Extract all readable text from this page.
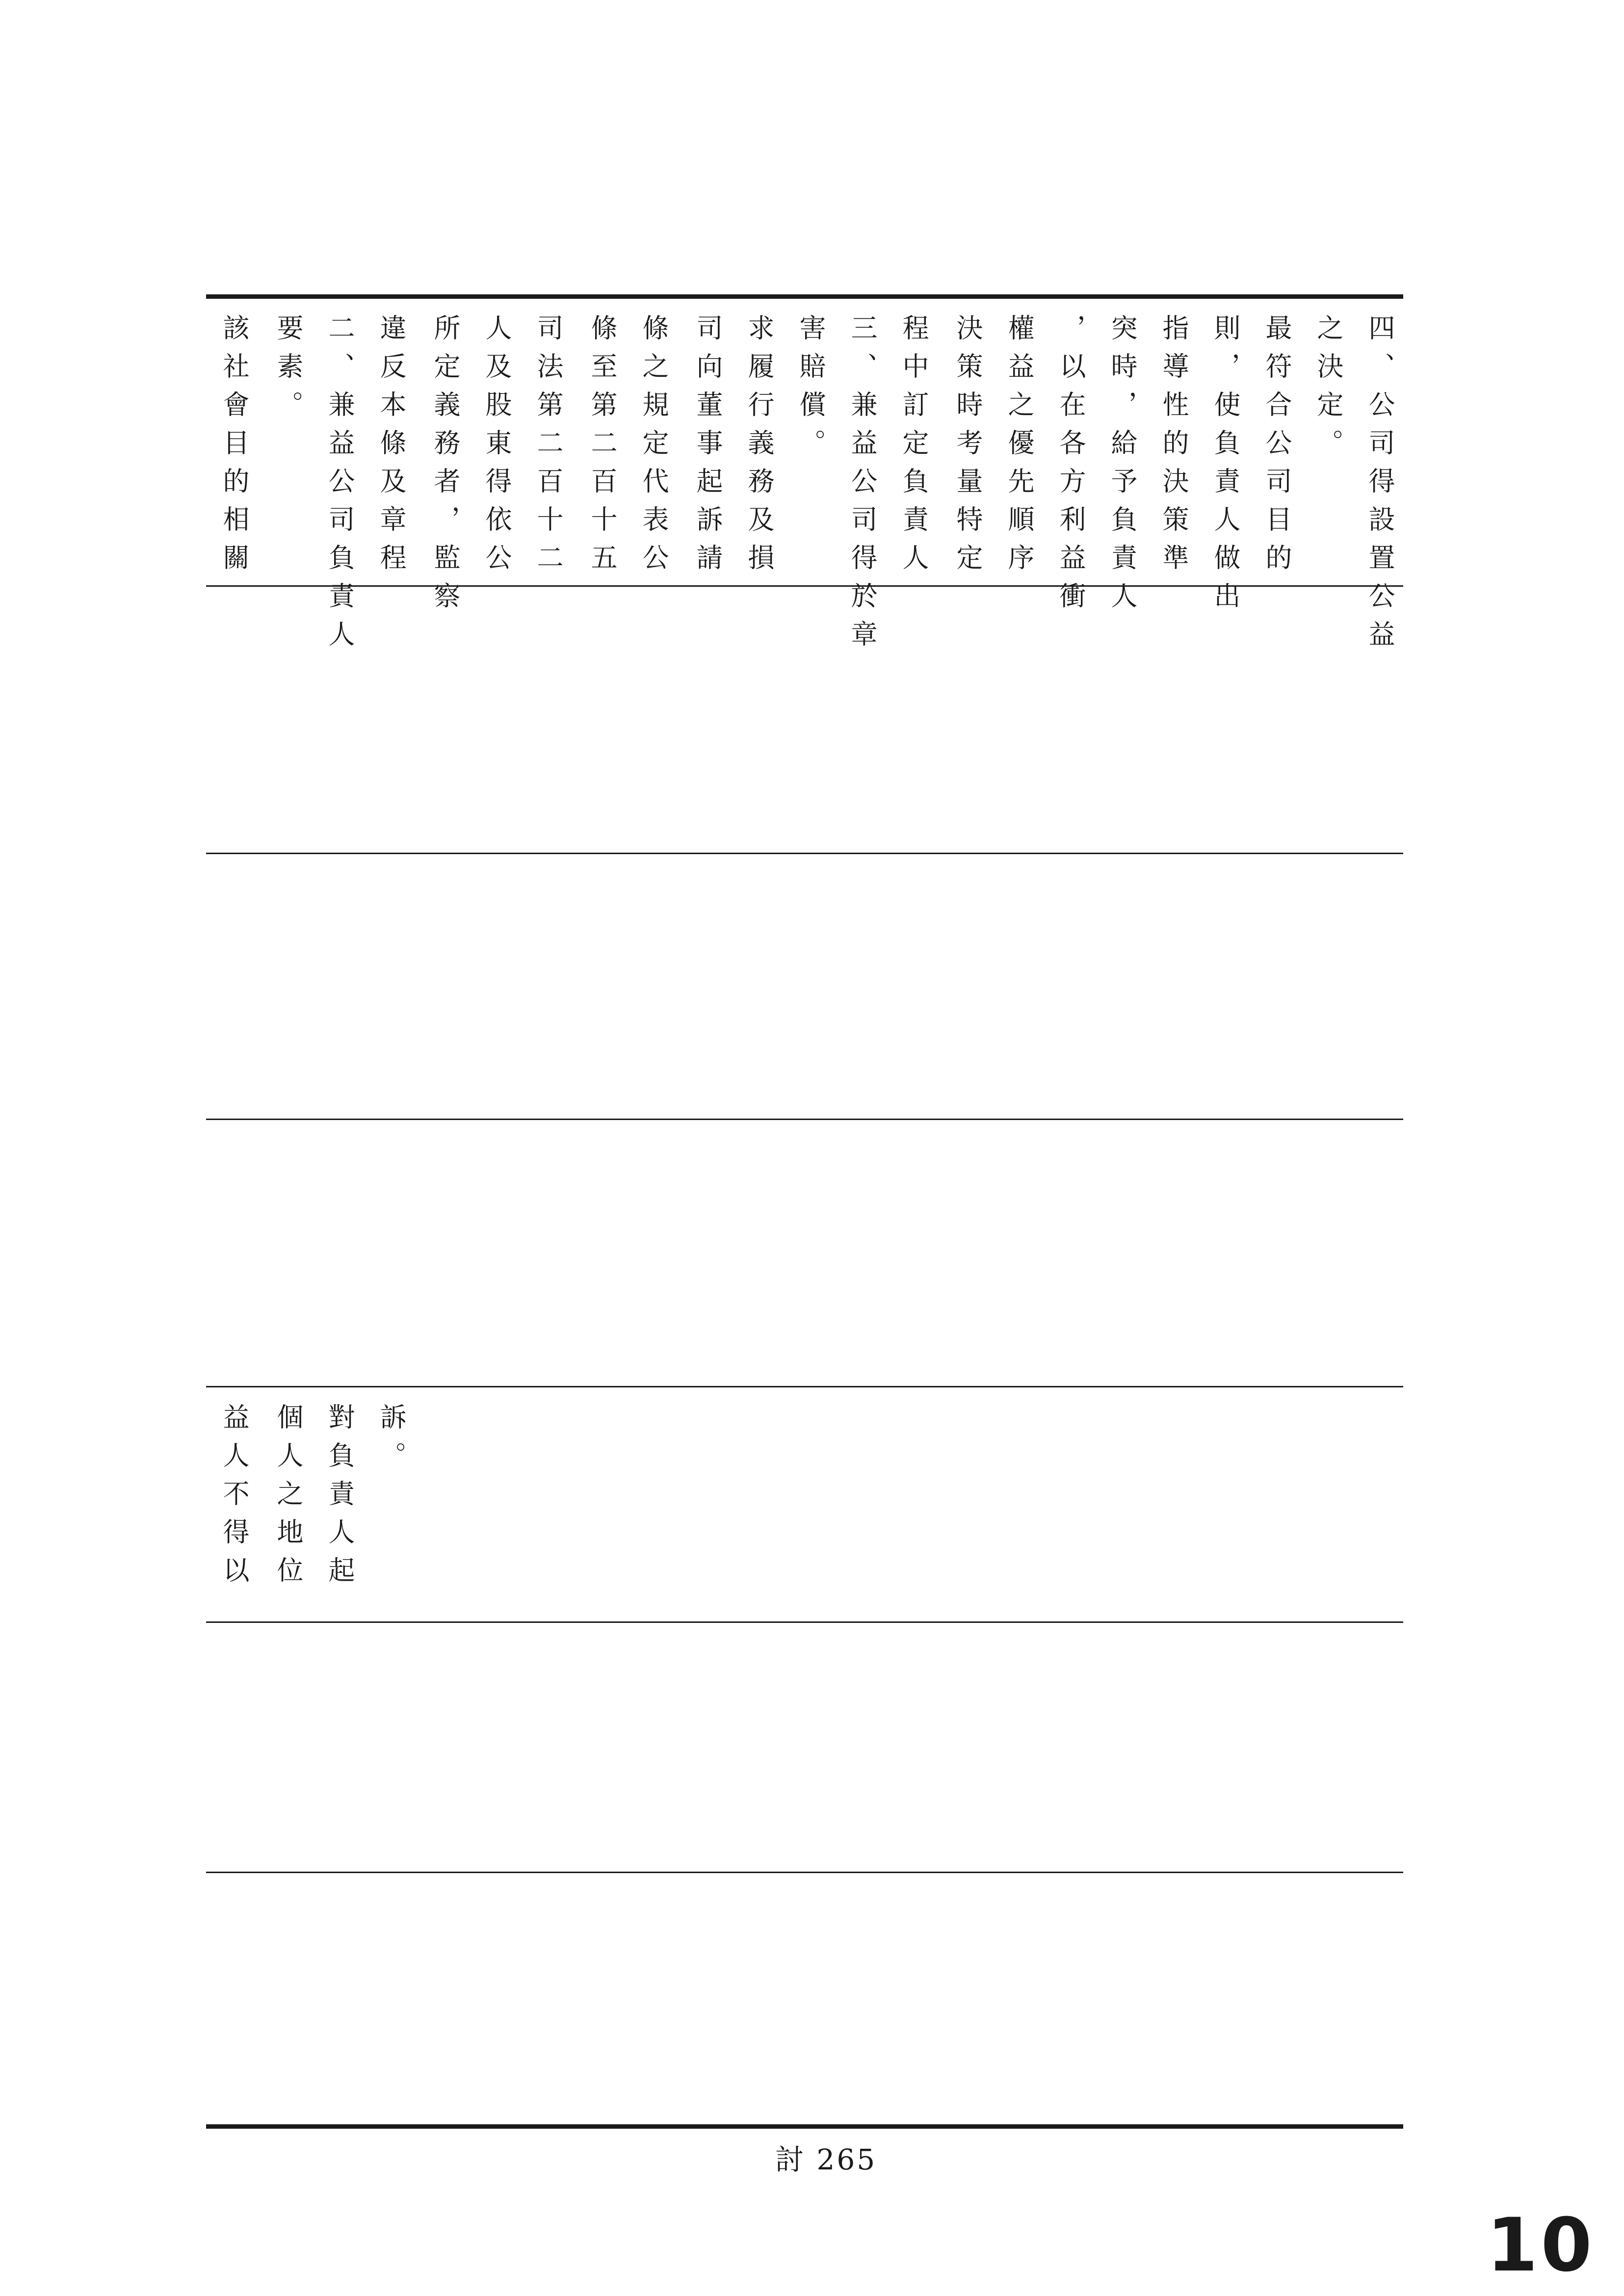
該社會目的相關 要素。 二、兼益公司負責人 違反本條及章程 所定義務者，監察 人及股東得依公 司法第二百十二 條至第二百十五 條之規定代表公 司向董事起訴請 求履行義務及損 害賠償。 三、兼益公司得於章 程中訂定負責人 決策時考量特定 權益之優先順序 ，以在各方利益衝 突時，給予負責人 指導性的決策準 則，使負責人做出 最符合公司目的 之決定。 四、公司得設置公益
益人不得以 個人之地位 對負責人起 訴。
討 265
10
